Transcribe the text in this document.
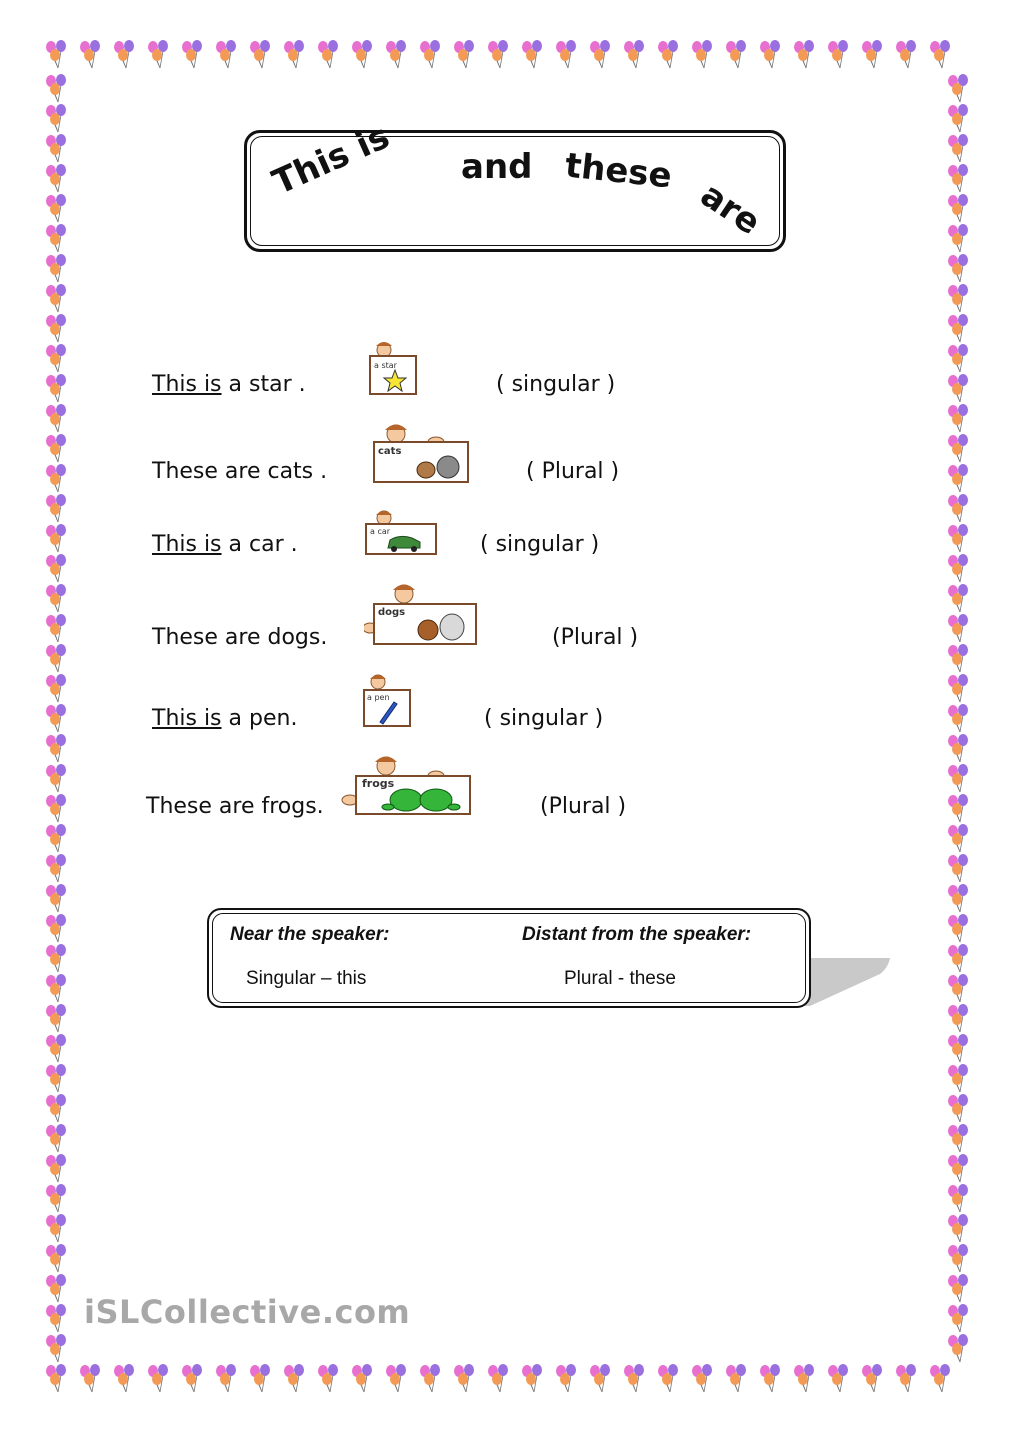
This is and these
are
This is a star .
a star
( singular )
These are cats .
cats
( Plural )
This is a car .
a car
( singular )
These are dogs.
dogs
(Plural )
This is a pen.
a pen
( singular )
These are frogs.
frogs
(Plural )
Near the speaker:	Distant from the speaker:
Singular – this	Plural - these
iSLCollective.com
